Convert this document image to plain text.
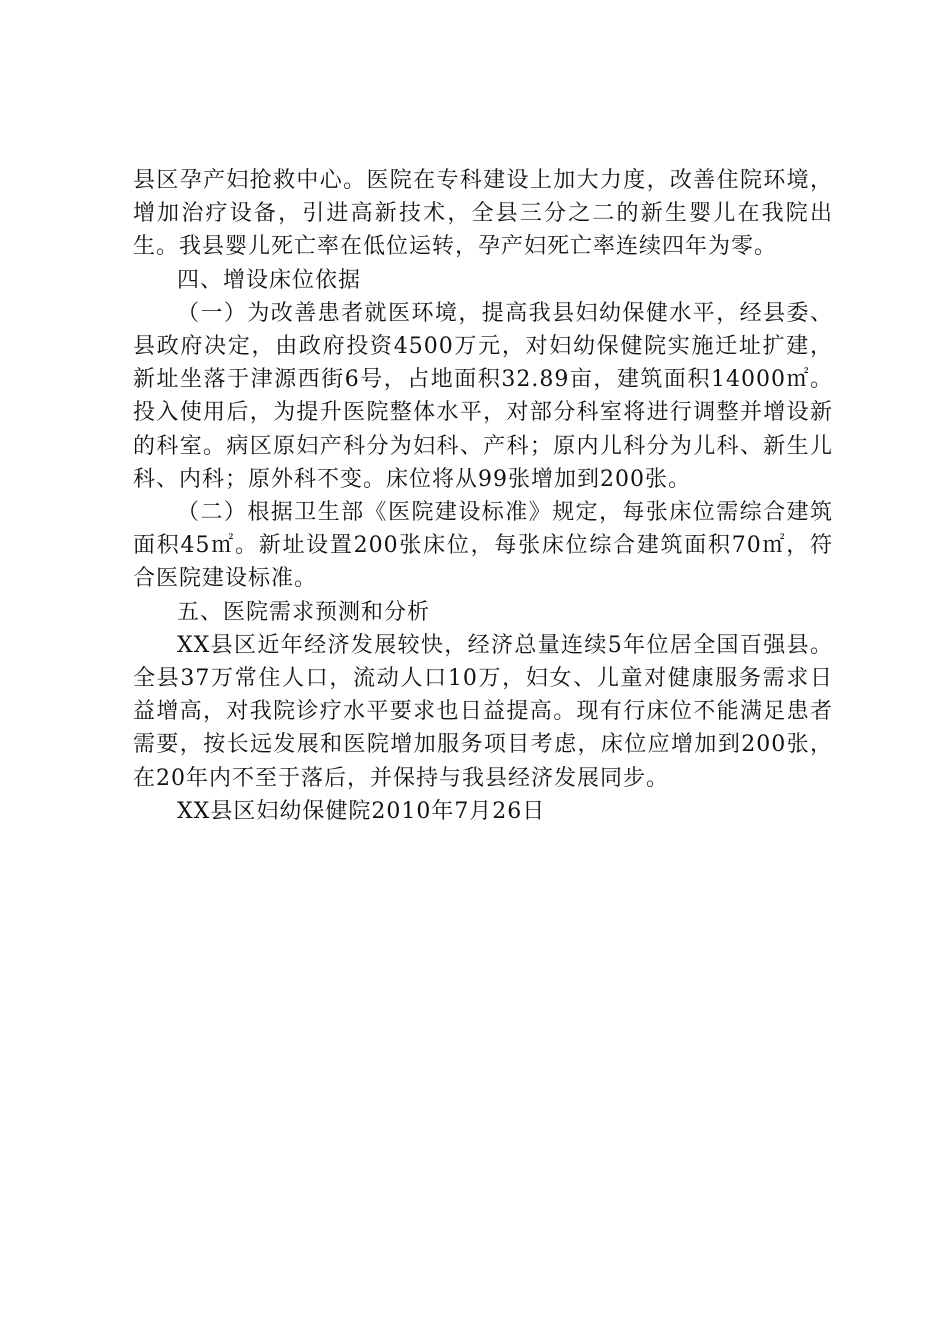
县区孕产妇抢救中心。医院在专科建设上加大力度，改善住院环境，增加治疗设备，引进高新技术，全县三分之二的新生婴儿在我院出生。我县婴儿死亡率在低位运转，孕产妇死亡率连续四年为零。

四、增设床位依据

（一）为改善患者就医环境，提高我县妇幼保健水平，经县委、县政府决定，由政府投资4500万元，对妇幼保健院实施迁址扩建，新址坐落于津源西街6号，占地面积32.89亩，建筑面积14000㎡。投入使用后，为提升医院整体水平，对部分科室将进行调整并增设新的科室。病区原妇产科分为妇科、产科；原内儿科分为儿科、新生儿科、内科；原外科不变。床位将从99张增加到200张。

（二）根据卫生部《医院建设标准》规定，每张床位需综合建筑面积45㎡。新址设置200张床位，每张床位综合建筑面积70㎡，符合医院建设标准。

五、医院需求预测和分析

XX县区近年经济发展较快，经济总量连续5年位居全国百强县。全县37万常住人口，流动人口10万，妇女、儿童对健康服务需求日益增高，对我院诊疗水平要求也日益提高。现有行床位不能满足患者需要，按长远发展和医院增加服务项目考虑，床位应增加到200张，在20年内不至于落后，并保持与我县经济发展同步。

XX县区妇幼保健院2010年7月26日
